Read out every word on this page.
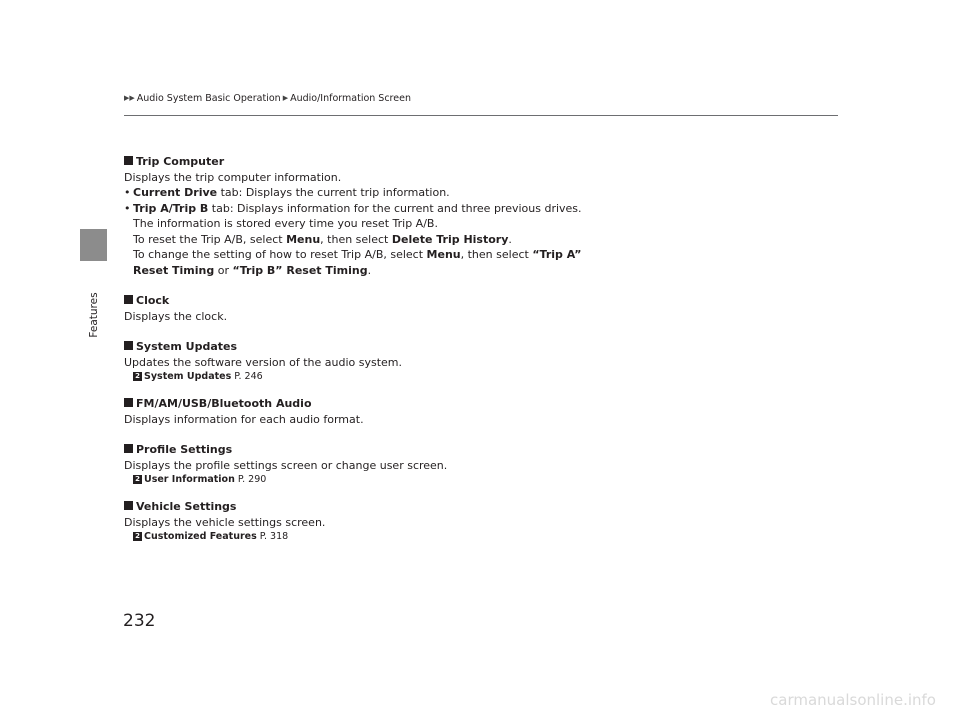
Features
▶▶ Audio System Basic Operation ▶ Audio/Information Screen
Trip Computer
Displays the trip computer information.
• Current Drive tab: Displays the current trip information.
• Trip A/Trip B tab: Displays information for the current and three previous drives.
The information is stored every time you reset Trip A/B.
To reset the Trip A/B, select Menu, then select Delete Trip History.
To change the setting of how to reset Trip A/B, select Menu, then select “Trip A”
Reset Timing or “Trip B” Reset Timing.
Clock
Displays the clock.
System Updates
Updates the software version of the audio system.
2 System Updates P. 246
FM/AM/USB/Bluetooth Audio
Displays information for each audio format.
Profile Settings
Displays the profile settings screen or change user screen.
2 User Information P. 290
Vehicle Settings
Displays the vehicle settings screen.
2 Customized Features P. 318
232
carmanualsonline.info
